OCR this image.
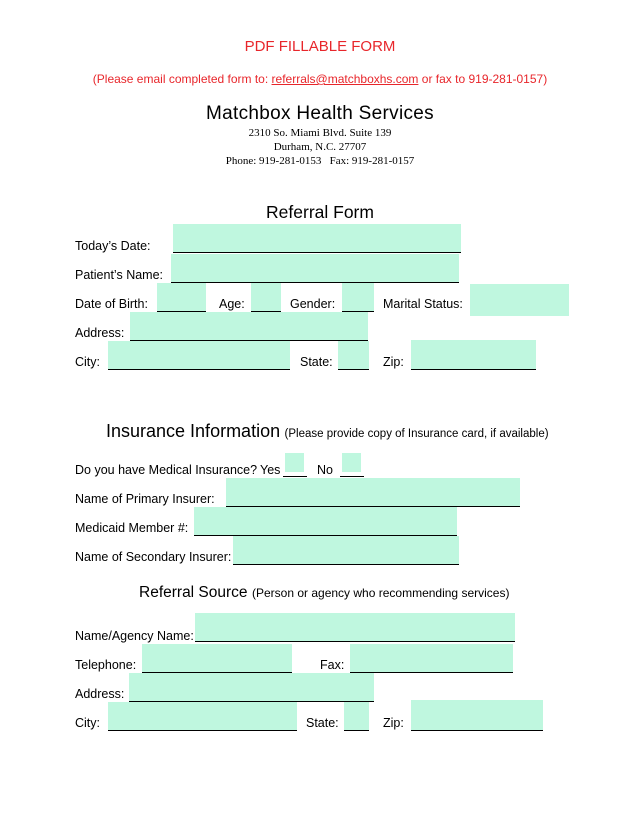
PDF FILLABLE FORM
(Please email completed form to: referrals@matchboxhs.com or fax to 919-281-0157)
Matchbox Health Services
2310 So. Miami Blvd. Suite 139
Durham, N.C. 27707
Phone: 919-281-0153   Fax: 919-281-0157
Referral Form
Today’s Date:
Patient’s Name:
Date of Birth:	Age:	Gender:	Marital Status:
Address:
City:	State:	Zip:
Insurance Information (Please provide copy of Insurance card, if available)
Do you have Medical Insurance? Yes	No
Name of Primary Insurer:
Medicaid Member #:
Name of Secondary Insurer:
Referral Source (Person or agency who recommending services)
Name/Agency Name:
Telephone:	Fax:
Address:
City:	State:	Zip:
